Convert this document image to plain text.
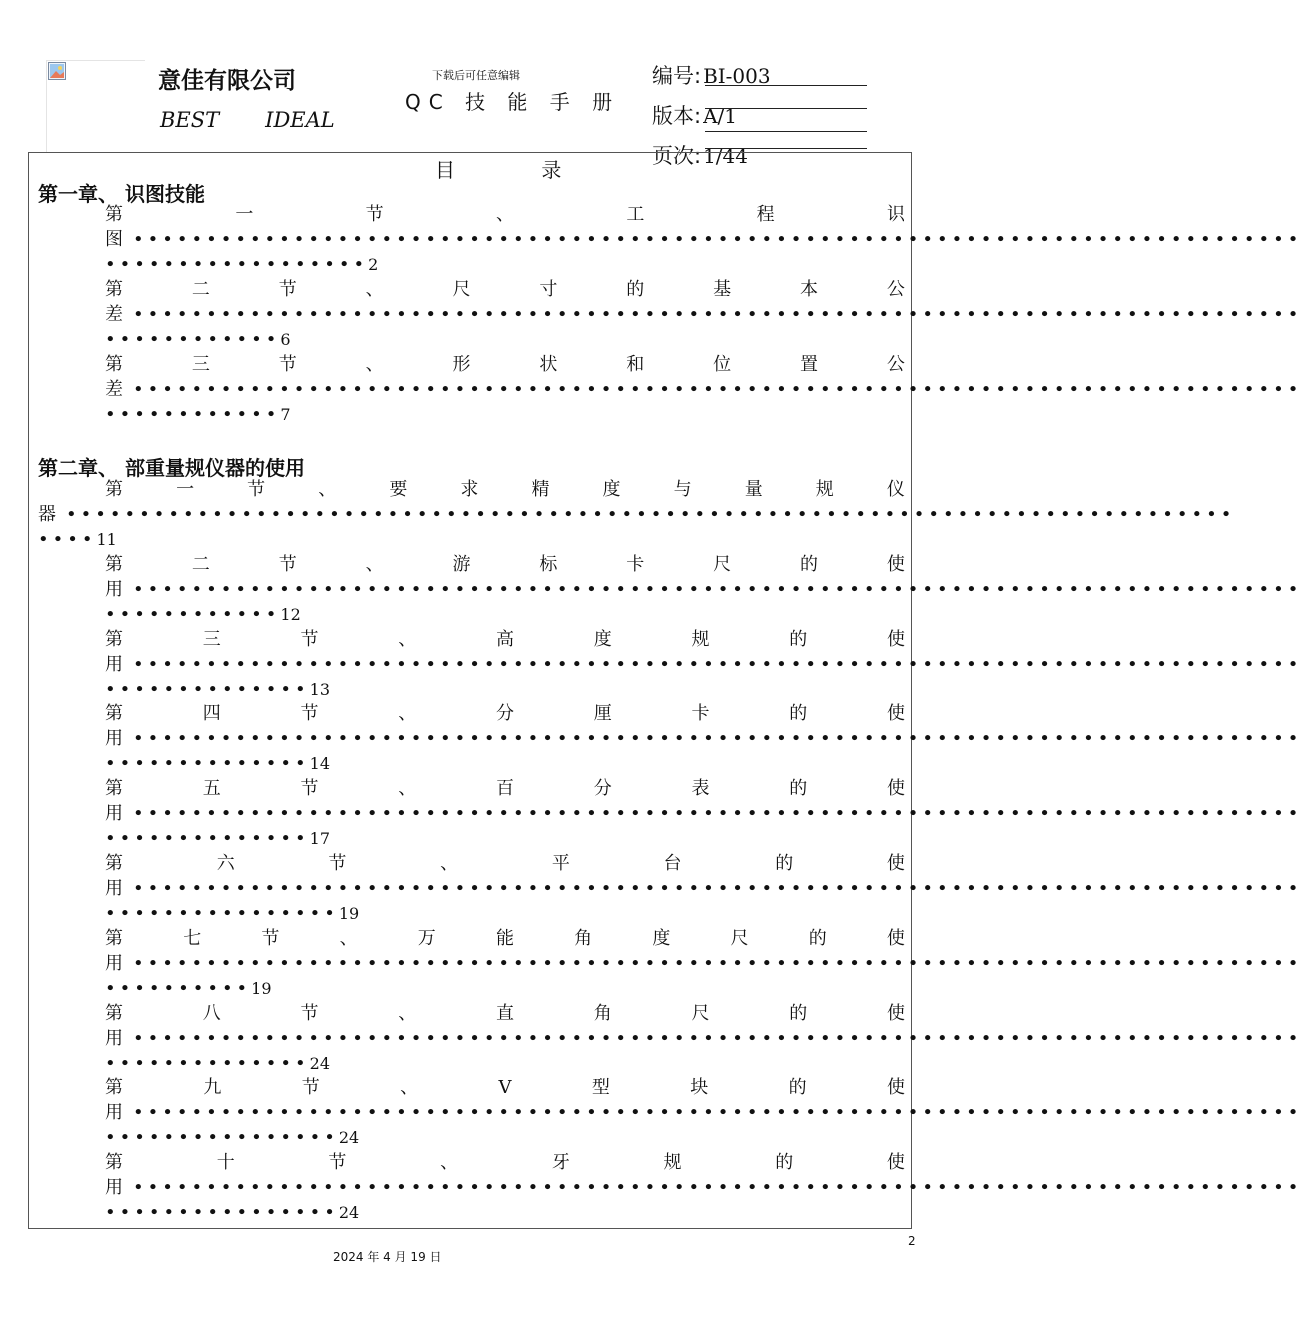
意佳有限公司
BEST IDEAL
下载后可任意编辑
QC 技 能 手 册
编号: BI-003
版本: A/1
页次: 1/44
目 录
第一章、 识图技能
第	一	节	、	工	程	识
图 ••••••••••••••••••••••••••••••••••••••••••••••••••••••••••••••••••••••••••••••••
••••••••••••••••••2
第	二	节	、	尺	寸	的	基	本	公
差 ••••••••••••••••••••••••••••••••••••••••••••••••••••••••••••••••••••••••••••••••
••••••••••••6
第	三	节	、	形	状	和	位	置	公
差 ••••••••••••••••••••••••••••••••••••••••••••••••••••••••••••••••••••••••••••••••
••••••••••••7
第二章、 部重量规仪器的使用
第	一	节	、	要	求	精	度	与	量	规	仪
器 ••••••••••••••••••••••••••••••••••••••••••••••••••••••••••••••••••••••••••••••••
••••11
第	二	节	、	游	标	卡	尺	的	使
用 ••••••••••••••••••••••••••••••••••••••••••••••••••••••••••••••••••••••••••••••••
••••••••••••12
第	三	节	、	高	度	规	的	使
用 ••••••••••••••••••••••••••••••••••••••••••••••••••••••••••••••••••••••••••••••••
••••••••••••••13
第	四	节	、	分	厘	卡	的	使
用 ••••••••••••••••••••••••••••••••••••••••••••••••••••••••••••••••••••••••••••••••
••••••••••••••14
第	五	节	、	百	分	表	的	使
用 ••••••••••••••••••••••••••••••••••••••••••••••••••••••••••••••••••••••••••••••••
••••••••••••••17
第	六	节	、	平	台	的	使
用 ••••••••••••••••••••••••••••••••••••••••••••••••••••••••••••••••••••••••••••••••
••••••••••••••••19
第	七	节	、	万	能	角	度	尺	的	使
用 ••••••••••••••••••••••••••••••••••••••••••••••••••••••••••••••••••••••••••••••••
••••••••••19
第	八	节	、	直	角	尺	的	使
用 ••••••••••••••••••••••••••••••••••••••••••••••••••••••••••••••••••••••••••••••••
••••••••••••••24
第	九	节	、	V	型	块	的	使
用 ••••••••••••••••••••••••••••••••••••••••••••••••••••••••••••••••••••••••••••••••
••••••••••••••••24
第	十	节	、	牙	规	的	使
用 ••••••••••••••••••••••••••••••••••••••••••••••••••••••••••••••••••••••••••••••••
••••••••••••••••24
2
2024 年 4 月 19 日
